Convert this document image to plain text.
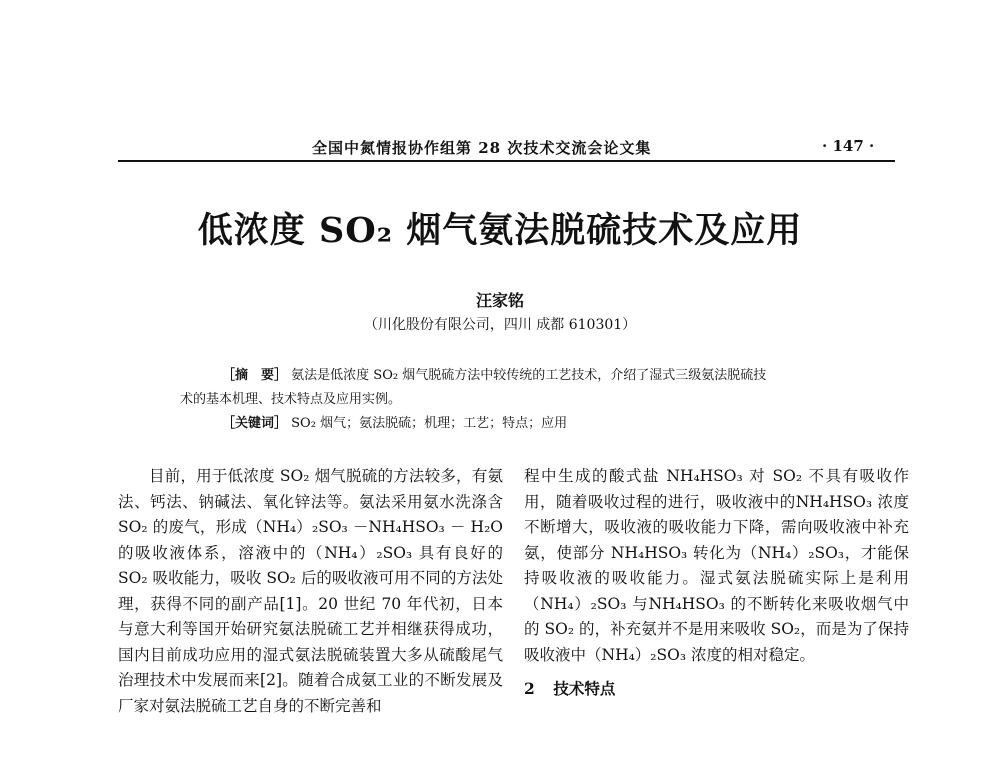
全国中氮情报协作组第 28 次技术交流会论文集	· 147 ·
低浓度 SO₂ 烟气氨法脱硫技术及应用
汪家铭
（川化股份有限公司，四川 成都 610301）
［摘　要］ 氨法是低浓度 SO₂ 烟气脱硫方法中较传统的工艺技术，介绍了湿式三级氨法脱硫技
术的基本机理、技术特点及应用实例。
［关键词］ SO₂ 烟气；氨法脱硫；机理；工艺；特点；应用

目前，用于低浓度 SO₂ 烟气脱硫的方法较多，有氨法、钙法、钠碱法、氧化锌法等。氨法采用氨水洗涤含 SO₂ 的废气，形成（NH₄）₂SO₃ －NH₄HSO₃ － H₂O 的吸收液体系，溶液中的（NH₄）₂SO₃ 具有良好的 SO₂ 吸收能力，吸收 SO₂ 后的吸收液可用不同的方法处理，获得不同的副产品[1]。20 世纪 70 年代初，日本与意大利等国开始研究氨法脱硫工艺并相继获得成功，国内目前成功应用的湿式氨法脱硫装置大多从硫酸尾气治理技术中发展而来[2]。随着合成氨工业的不断发展及厂家对氨法脱硫工艺自身的不断完善和

程中生成的酸式盐 NH₄HSO₃ 对 SO₂ 不具有吸收作用，随着吸收过程的进行，吸收液中的NH₄HSO₃ 浓度不断增大，吸收液的吸收能力下降，需向吸收液中补充氨，使部分 NH₄HSO₃ 转化为（NH₄）₂SO₃，才能保持吸收液的吸收能力。湿式氨法脱硫实际上是利用（NH₄）₂SO₃ 与NH₄HSO₃ 的不断转化来吸收烟气中的 SO₂ 的，补充氨并不是用来吸收 SO₂，而是为了保持吸收液中（NH₄）₂SO₃ 浓度的相对稳定。

2 技术特点
